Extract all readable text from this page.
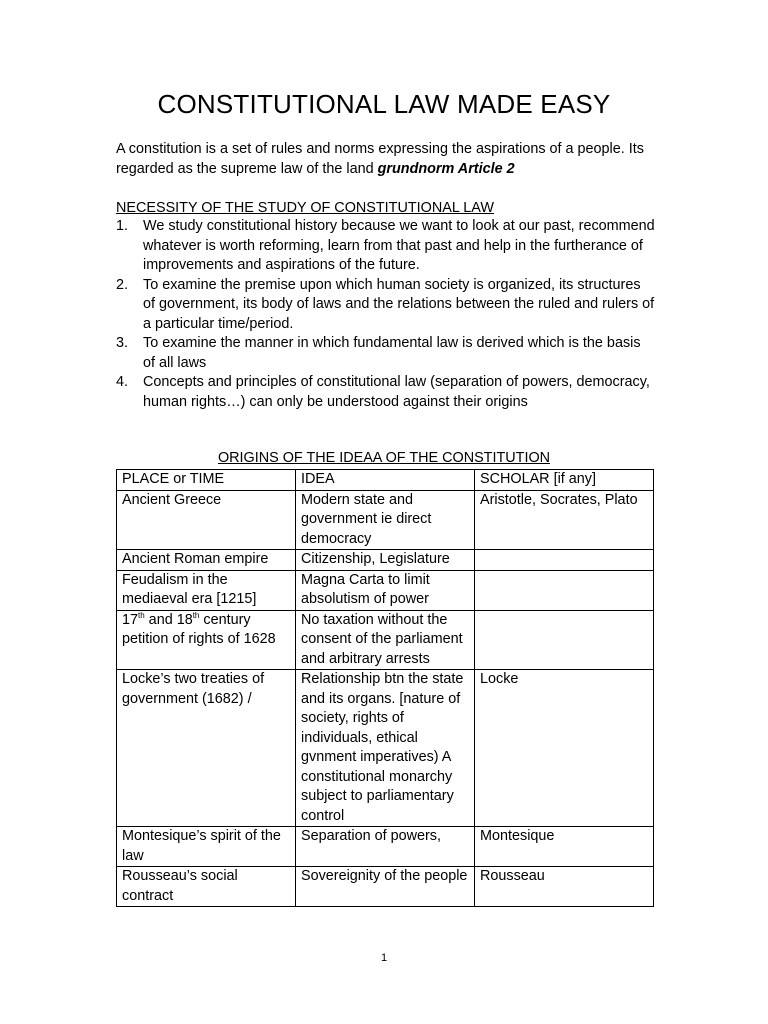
CONSTITUTIONAL LAW MADE EASY

A constitution is a set of rules and norms expressing the aspirations of a people. Its regarded as the supreme law of the land grundnorm Article 2

NECESSITY OF THE STUDY OF CONSTITUTIONAL LAW
1. We study constitutional history because we want to look at our past, recommend whatever is worth reforming, learn from that past and help in the furtherance of improvements and aspirations of the future.
2. To examine the premise upon which human society is organized, its structures of government, its body of laws and the relations between the ruled and rulers of a particular time/period.
3. To examine the manner in which fundamental law is derived which is the basis of all laws
4. Concepts and principles of constitutional law (separation of powers, democracy, human rights…) can only be understood against their origins
ORIGINS OF THE IDEAA OF THE CONSTITUTION
PLACE or TIME	IDEA	SCHOLAR [if any]
Ancient Greece	Modern state and government ie direct democracy	Aristotle, Socrates, Plato
Ancient Roman empire	Citizenship, Legislature	
Feudalism in the mediaeval era [1215]	Magna Carta to limit absolutism of power	
17th and 18th century petition of rights of 1628	No taxation without the consent of the parliament and arbitrary arrests	
Locke’s two treaties of government (1682) /	Relationship btn the state and its organs. [nature of society, rights of individuals, ethical gvnment imperatives) A constitutional monarchy subject to parliamentary control	Locke
Montesique’s spirit of the law	Separation of powers,	Montesique
Rousseau’s social contract	Sovereignity of the people	Rousseau
1
